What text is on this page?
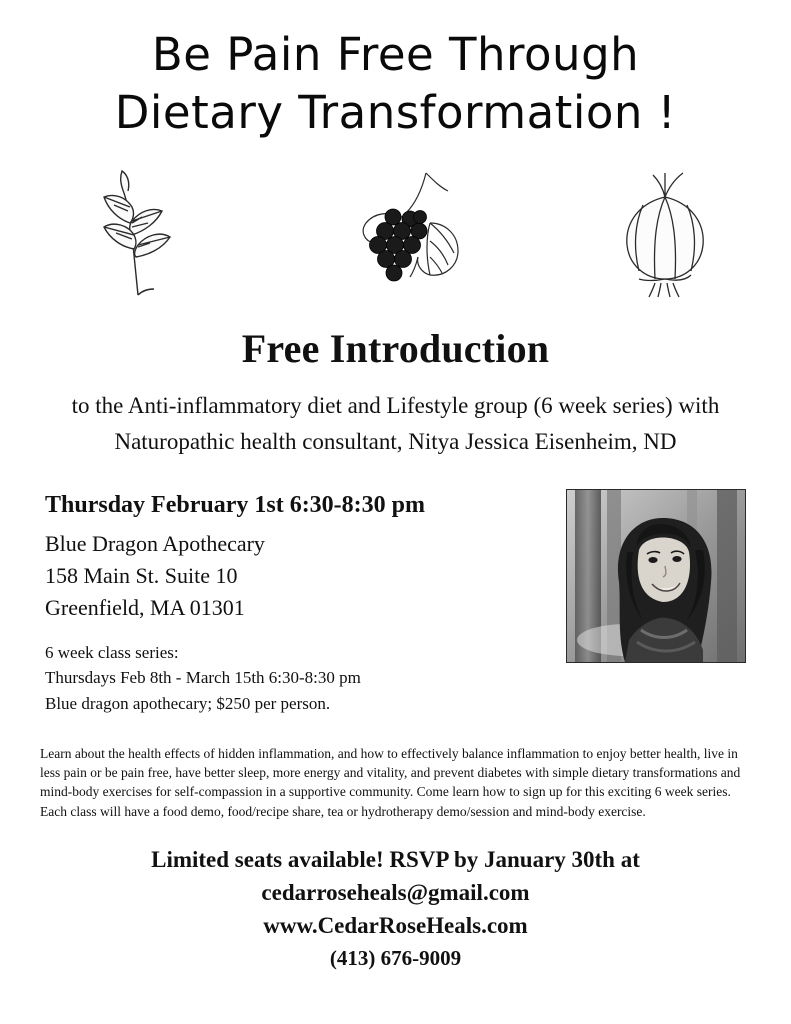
Be Pain Free Through
Dietary Transformation !
Free Introduction
to the Anti-inflammatory diet and Lifestyle group (6 week series) with
Naturopathic health consultant, Nitya Jessica Eisenheim, ND
Thursday February 1st 6:30-8:30 pm
Blue Dragon Apothecary
158 Main St. Suite 10
Greenfield, MA 01301
6 week class series:
Thursdays Feb 8th - March 15th 6:30-8:30 pm
Blue dragon apothecary; $250 per person.
Learn about the health effects of hidden inflammation, and how to effectively balance inflammation to enjoy better health, live in less pain or be pain free, have better sleep, more energy and vitality, and prevent diabetes with simple dietary transformations and mind-body exercises for self-compassion in a supportive community. Come learn how to sign up for this exciting 6 week series. Each class will have a food demo, food/recipe share, tea or hydrotherapy demo/session and mind-body exercise.
Limited seats available! RSVP by January 30th at
cedarroseheals@gmail.com
www.CedarRoseHeals.com
(413) 676-9009
